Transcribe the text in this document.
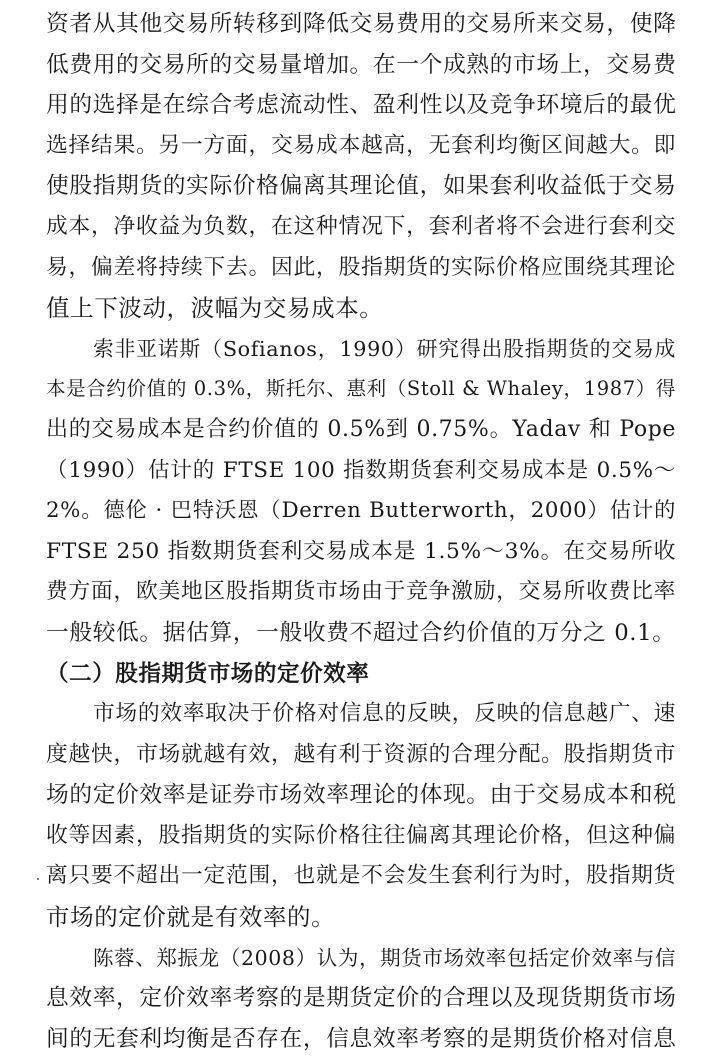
资者从其他交易所转移到降低交易费用的交易所来交易，使降
低费用的交易所的交易量增加。在一个成熟的市场上，交易费
用的选择是在综合考虑流动性、盈利性以及竞争环境后的最优
选择结果。另一方面，交易成本越高，无套利均衡区间越大。即
使股指期货的实际价格偏离其理论值，如果套利收益低于交易
成本，净收益为负数，在这种情况下，套利者将不会进行套利交
易，偏差将持续下去。因此，股指期货的实际价格应围绕其理论
值上下波动，波幅为交易成本。
索非亚诺斯（Sofianos，1990）研究得出股指期货的交易成
本是合约价值的 0.3%，斯托尔、惠利（Stoll & Whaley，1987）得
出的交易成本是合约价值的 0.5%到 0.75%。Yadav 和 Pope
（1990）估计的 FTSE 100 指数期货套利交易成本是 0.5%～
2%。德伦 · 巴特沃恩（Derren Butterworth，2000）估计的
FTSE 250 指数期货套利交易成本是 1.5%～3%。在交易所收
费方面，欧美地区股指期货市场由于竞争激励，交易所收费比率
一般较低。据估算，一般收费不超过合约价值的万分之 0.1。
（二）股指期货市场的定价效率
市场的效率取决于价格对信息的反映，反映的信息越广、速
度越快，市场就越有效，越有利于资源的合理分配。股指期货市
场的定价效率是证券市场效率理论的体现。由于交易成本和税
收等因素，股指期货的实际价格往往偏离其理论价格，但这种偏
离只要不超出一定范围，也就是不会发生套利行为时，股指期货
市场的定价就是有效率的。
陈蓉、郑振龙（2008）认为，期货市场效率包括定价效率与信
息效率，定价效率考察的是期货定价的合理以及现货期货市场
间的无套利均衡是否存在，信息效率考察的是期货价格对信息
